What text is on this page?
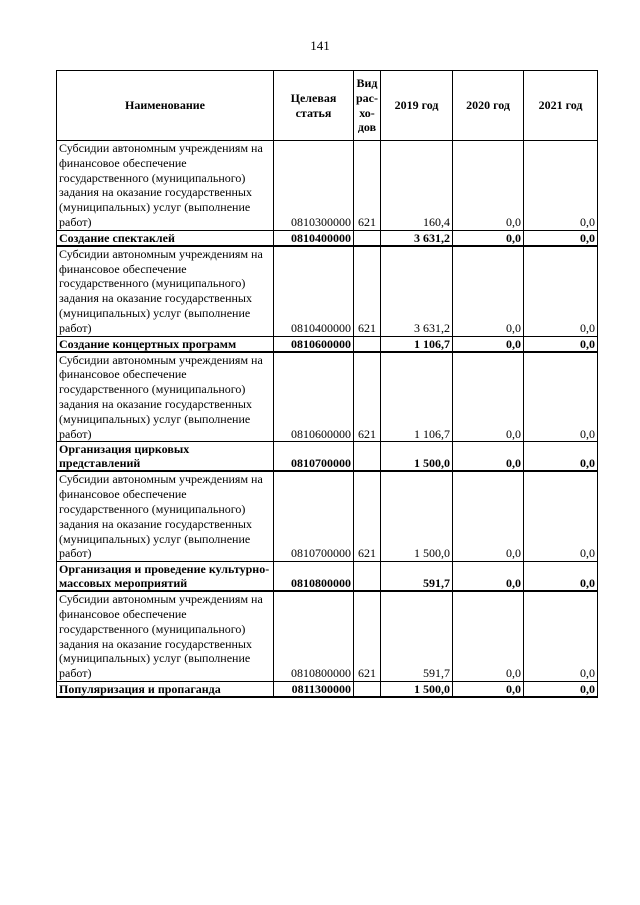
141
Наименование	Целевая статья	Вид рас-хо-дов	2019 год	2020 год	2021 год
Субсидии автономным учреждениям на финансовое обеспечение государственного (муниципального) задания на оказание государственных (муниципальных) услуг (выполнение работ)	0810300000	621	160,4	0,0	0,0
Создание спектаклей	0810400000		3 631,2	0,0	0,0
Субсидии автономным учреждениям на финансовое обеспечение государственного (муниципального) задания на оказание государственных (муниципальных) услуг (выполнение работ)	0810400000	621	3 631,2	0,0	0,0
Создание концертных программ	0810600000		1 106,7	0,0	0,0
Субсидии автономным учреждениям на финансовое обеспечение государственного (муниципального) задания на оказание государственных (муниципальных) услуг (выполнение работ)	0810600000	621	1 106,7	0,0	0,0
Организация цирковых представлений	0810700000		1 500,0	0,0	0,0
Субсидии автономным учреждениям на финансовое обеспечение государственного (муниципального) задания на оказание государственных (муниципальных) услуг (выполнение работ)	0810700000	621	1 500,0	0,0	0,0
Организация и проведение культурно-массовых мероприятий	0810800000		591,7	0,0	0,0
Субсидии автономным учреждениям на финансовое обеспечение государственного (муниципального) задания на оказание государственных (муниципальных) услуг (выполнение работ)	0810800000	621	591,7	0,0	0,0
Популяризация и пропаганда	0811300000		1 500,0	0,0	0,0
